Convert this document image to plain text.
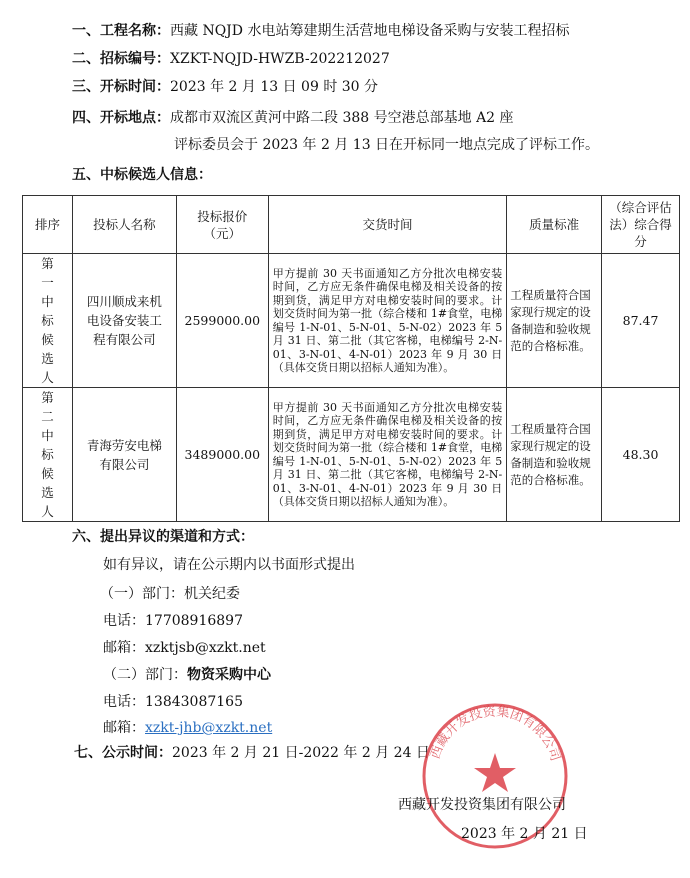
一、工程名称：西藏 NQJD 水电站筹建期生活营地电梯设备采购与安装工程招标
二、招标编号：XZKT-NQJD-HWZB-202212027
三、开标时间：2023 年 2 月 13 日 09 时 30 分
四、开标地点：成都市双流区黄河中路二段 388 号空港总部基地 A2 座
评标委员会于 2023 年 2 月 13 日在开标同一地点完成了评标工作。
五、中标候选人信息：
排序	投标人名称	投标报价（元）	交货时间	质量标准	（综合评估法）综合得分
第一中标候选人	四川顺成来机电设备安装工程有限公司	2599000.00	甲方提前 30 天书面通知乙方分批次电梯安装时间，乙方应无条件确保电梯及相关设备的按期到货，满足甲方对电梯安装时间的要求。计划交货时间为第一批（综合楼和 1#食堂，电梯编号 1-N-01、5-N-01、5-N-02）2023 年 5 月 31 日、第二批（其它客梯，电梯编号 2-N-01、3-N-01、4-N-01）2023 年 9 月 30 日（具体交货日期以招标人通知为准）。	工程质量符合国家现行规定的设备制造和验收规范的合格标准。	87.47
第二中标候选人	青海劳安电梯有限公司	3489000.00	甲方提前 30 天书面通知乙方分批次电梯安装时间，乙方应无条件确保电梯及相关设备的按期到货，满足甲方对电梯安装时间的要求。计划交货时间为第一批（综合楼和 1#食堂，电梯编号 1-N-01、5-N-01、5-N-02）2023 年 5 月 31 日、第二批（其它客梯，电梯编号 2-N-01、3-N-01、4-N-01）2023 年 9 月 30 日（具体交货日期以招标人通知为准）。	工程质量符合国家现行规定的设备制造和验收规范的合格标准。	48.30
六、提出异议的渠道和方式：
如有异议，请在公示期内以书面形式提出
（一）部门：机关纪委
电话：17708916897
邮箱：xzktjsb@xzkt.net
（二）部门：物资采购中心
电话：13843087165
邮箱：xzkt-jhb@xzkt.net
七、公示时间：2023 年 2 月 21 日-2022 年 2 月 24 日
西藏开发投资集团有限公司
西藏开发投资集团有限公司
2023 年 2 月 21 日
